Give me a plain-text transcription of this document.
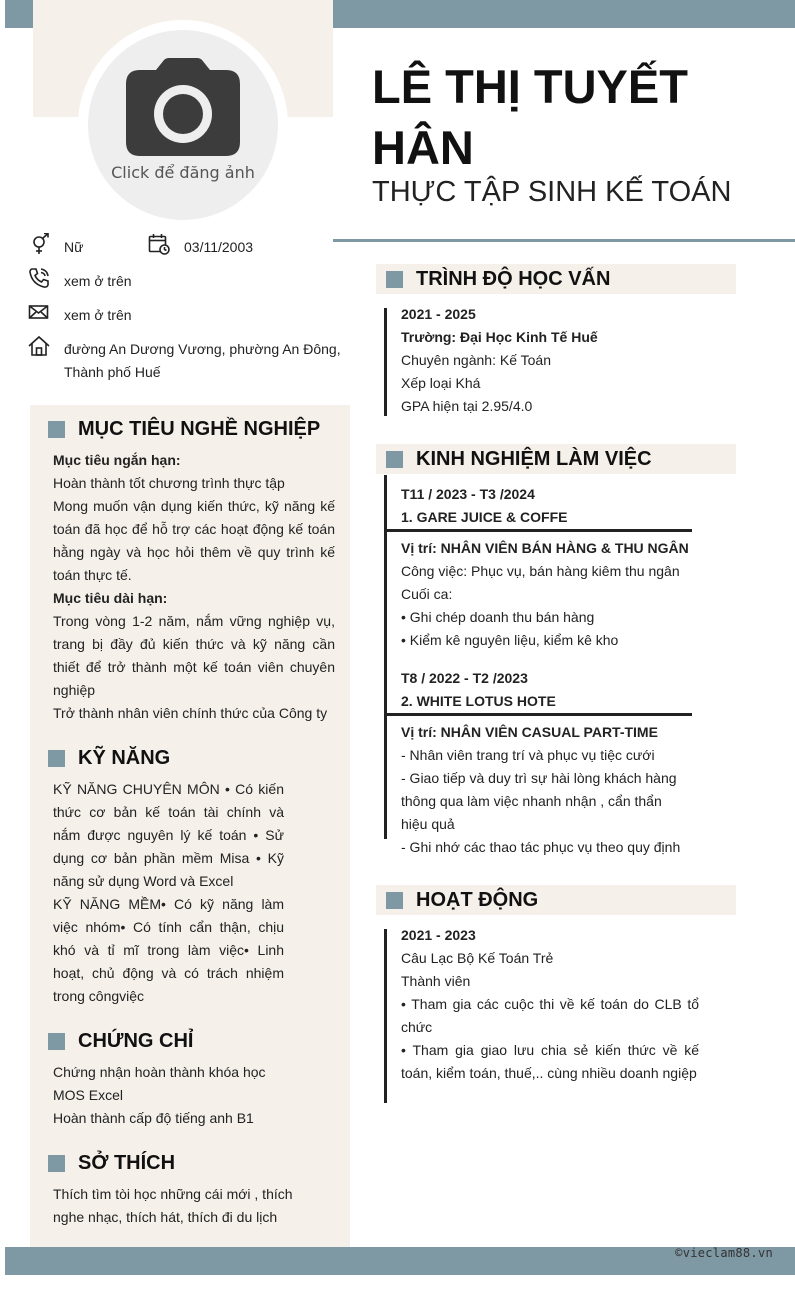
Click để đăng ảnh
LÊ THỊ TUYẾT HÂN
THỰC TẬP SINH KẾ TOÁN
Nữ	03/11/2003
xem ở trên
xem ở trên
đường An Dương Vương, phường An Đông,
Thành phố Huế
MỤC TIÊU NGHỀ NGHIỆP

Mục tiêu ngắn hạn:

Hoàn thành tốt chương trình thực tập

Mong muốn vận dụng kiến thức, kỹ năng kế toán đã học để hỗ trợ các hoạt động kế toán hằng ngày và học hỏi thêm về quy trình kế toán thực tế.

Mục tiêu dài hạn:

Trong vòng 1-2 năm, nắm vững nghiệp vụ, trang bị đầy đủ kiến thức và kỹ năng cần thiết để trở thành một kế toán viên chuyên nghiệp

Trở thành nhân viên chính thức của Công ty

KỸ NĂNG

KỸ NĂNG CHUYÊN MÔN • Có kiến thức cơ bản kế toán tài chính và nắm được nguyên lý kế toán • Sử dụng cơ bản phần mềm Misa • Kỹ năng sử dụng Word và Excel

KỸ NĂNG MỀM• Có kỹ năng làm việc nhóm• Có tính cẩn thận, chịu khó và tỉ mĩ trong làm việc• Linh hoạt, chủ động và có trách nhiệm trong côngviệc

CHỨNG CHỈ

Chứng nhận hoàn thành khóa học

MOS Excel

Hoàn thành cấp độ tiếng anh B1

SỞ THÍCH

Thích tìm tòi học những cái mới , thích

nghe nhạc, thích hát, thích đi du lịch

TRÌNH ĐỘ HỌC VẤN

2021 - 2025

Trường: Đại Học Kinh Tế Huế

Chuyên ngành: Kế Toán

Xếp loại Khá

GPA hiện tại 2.95/4.0

KINH NGHIỆM LÀM VIỆC

T11 / 2023 - T3 /2024

1. GARE JUICE & COFFE

Vị trí: NHÂN VIÊN BÁN HÀNG & THU NGÂN

Công việc: Phục vụ, bán hàng kiêm thu ngân

Cuối ca:

• Ghi chép doanh thu bán hàng

• Kiểm kê nguyên liệu, kiểm kê kho

T8 / 2022 - T2 /2023

2. WHITE LOTUS HOTE

Vị trí: NHÂN VIÊN CASUAL PART-TIME

- Nhân viên trang trí và phục vụ tiệc cưới

- Giao tiếp và duy trì sự hài lòng khách hàng

thông qua làm việc nhanh nhận , cẩn thẩn

hiệu quả

- Ghi nhớ các thao tác phục vụ theo quy định

HOẠT ĐỘNG

2021 - 2023

Câu Lạc Bộ Kế Toán Trẻ

Thành viên

• Tham gia các cuộc thi về kế toán do CLB tổ chức

• Tham gia giao lưu chia sẻ kiến thức về kế toán, kiểm toán, thuế,.. cùng nhiều doanh ngiệp

©vieclam88.vn
